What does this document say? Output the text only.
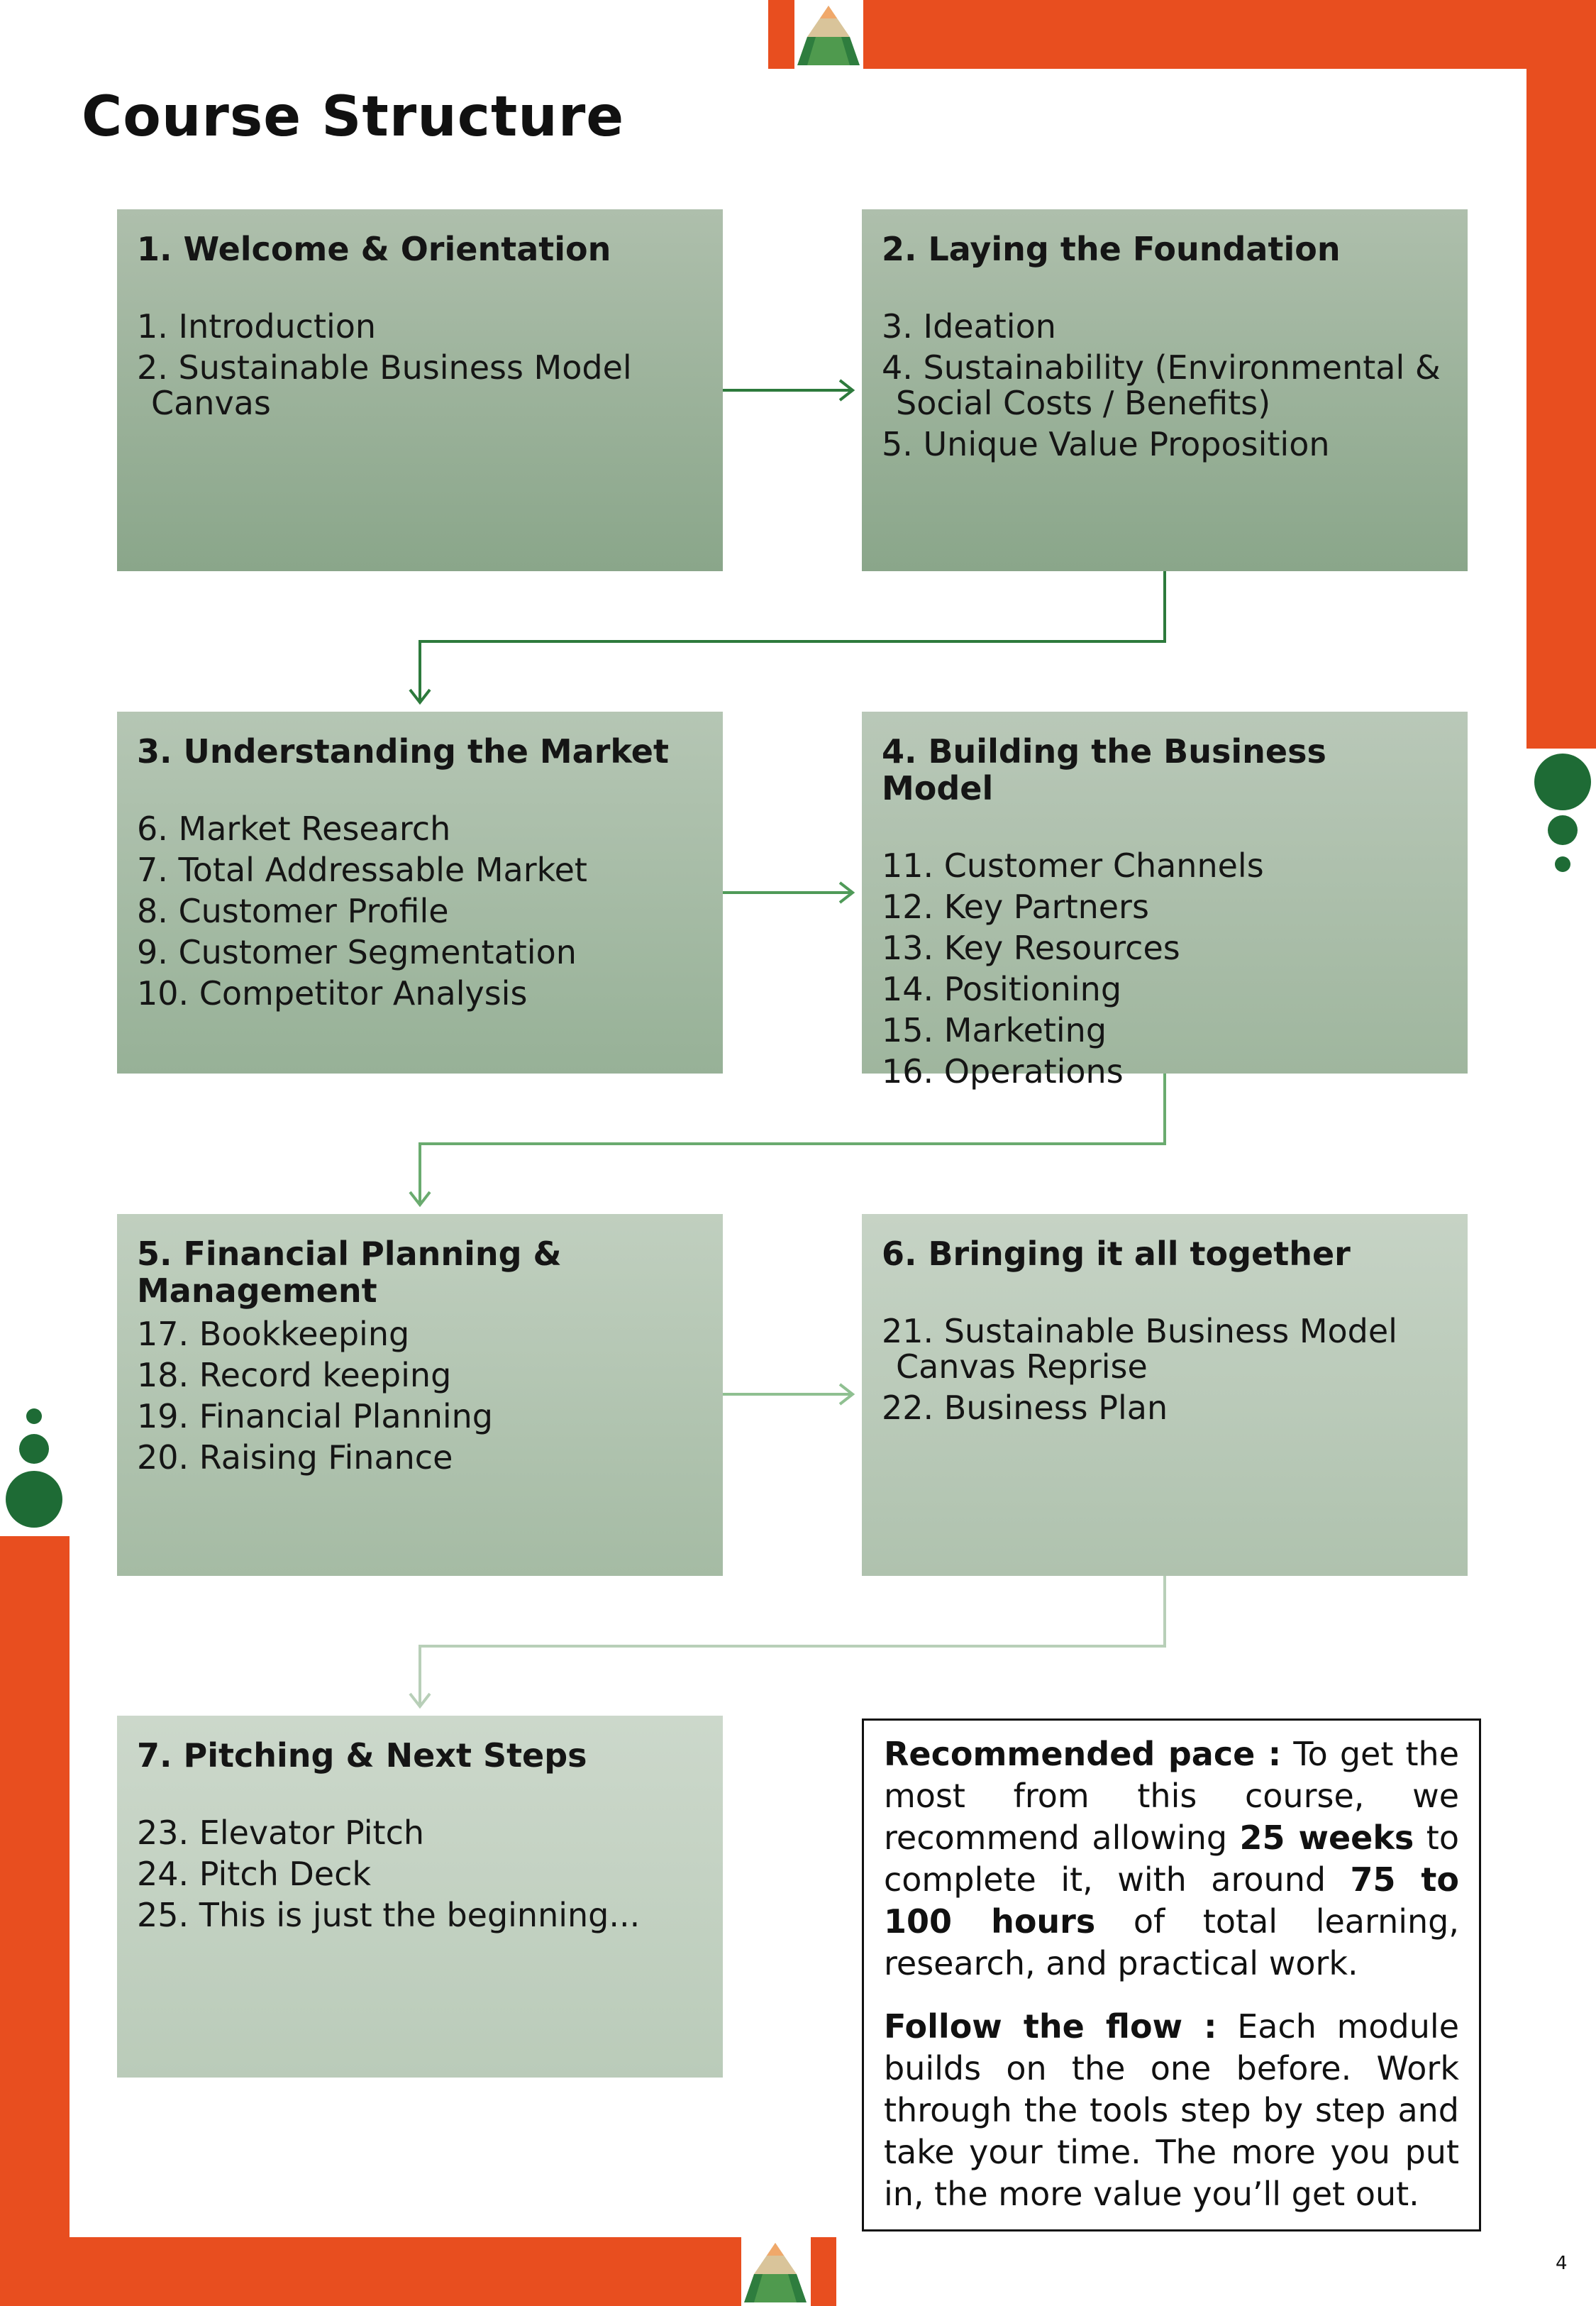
Course Structure
1. Welcome & Orientation
1. Introduction
2. Sustainable Business Model Canvas
2. Laying the Foundation
3. Ideation
4. Sustainability (Environmental & Social Costs / Benefits)
5. Unique Value Proposition
3. Understanding the Market
6. Market Research
7. Total Addressable Market
8. Customer Profile
9. Customer Segmentation
10. Competitor Analysis
4. Building the Business Model
11. Customer Channels
12. Key Partners
13. Key Resources
14. Positioning
15. Marketing
16. Operations
5. Financial Planning & Management
17. Bookkeeping
18. Record keeping
19. Financial Planning
20. Raising Finance
6. Bringing it all together
21. Sustainable Business Model Canvas Reprise
22. Business Plan
7. Pitching & Next Steps
23. Elevator Pitch
24. Pitch Deck
25. This is just the beginning...

Recommended pace : To get the most from this course, we recommend allowing 25 weeks to complete it, with around 75 to 100 hours of total learning, research, and practical work.

Follow the flow : Each module builds on the one before. Work through the tools step by step and take your time. The more you put in, the more value you’ll get out.

4
